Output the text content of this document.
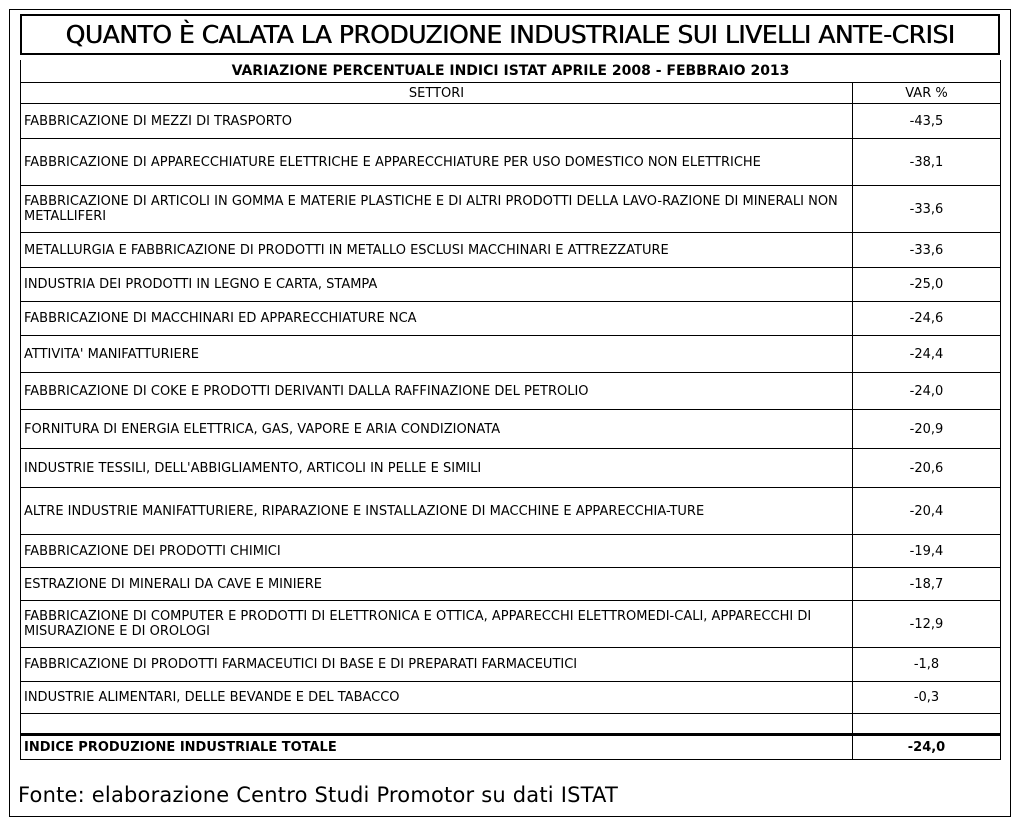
QUANTO È CALATA LA PRODUZIONE INDUSTRIALE SUI LIVELLI ANTE-CRISI
VARIAZIONE PERCENTUALE INDICI ISTAT APRILE 2008 - FEBBRAIO 2013	
SETTORI	VAR %
FABBRICAZIONE DI MEZZI DI TRASPORTO	-43,5
FABBRICAZIONE DI APPARECCHIATURE ELETTRICHE E APPARECCHIATURE PER USO DOMESTICO NON ELETTRICHE	-38,1
FABBRICAZIONE DI ARTICOLI IN GOMMA E MATERIE PLASTICHE E DI ALTRI PRODOTTI DELLA LAVO-RAZIONE DI MINERALI NON METALLIFERI	-33,6
METALLURGIA E FABBRICAZIONE DI PRODOTTI IN METALLO ESCLUSI MACCHINARI E ATTREZZATURE	-33,6
INDUSTRIA DEI PRODOTTI IN LEGNO E CARTA, STAMPA	-25,0
FABBRICAZIONE DI MACCHINARI ED APPARECCHIATURE NCA	-24,6
ATTIVITA' MANIFATTURIERE	-24,4
FABBRICAZIONE DI COKE E PRODOTTI DERIVANTI DALLA RAFFINAZIONE DEL PETROLIO	-24,0
FORNITURA DI ENERGIA ELETTRICA, GAS, VAPORE E ARIA CONDIZIONATA	-20,9
INDUSTRIE TESSILI, DELL'ABBIGLIAMENTO, ARTICOLI IN PELLE E SIMILI	-20,6
ALTRE INDUSTRIE MANIFATTURIERE, RIPARAZIONE E INSTALLAZIONE DI MACCHINE E APPARECCHIA-TURE	-20,4
FABBRICAZIONE DEI PRODOTTI CHIMICI	-19,4
ESTRAZIONE DI MINERALI DA CAVE E MINIERE	-18,7
FABBRICAZIONE DI COMPUTER E PRODOTTI DI ELETTRONICA E OTTICA, APPARECCHI ELETTROMEDI-CALI, APPARECCHI DI MISURAZIONE E DI OROLOGI	-12,9
FABBRICAZIONE DI PRODOTTI FARMACEUTICI DI BASE E DI PREPARATI FARMACEUTICI	-1,8
INDUSTRIE ALIMENTARI, DELLE BEVANDE E DEL TABACCO	-0,3

INDICE PRODUZIONE INDUSTRIALE TOTALE	-24,0
Fonte: elaborazione Centro Studi Promotor su dati ISTAT
